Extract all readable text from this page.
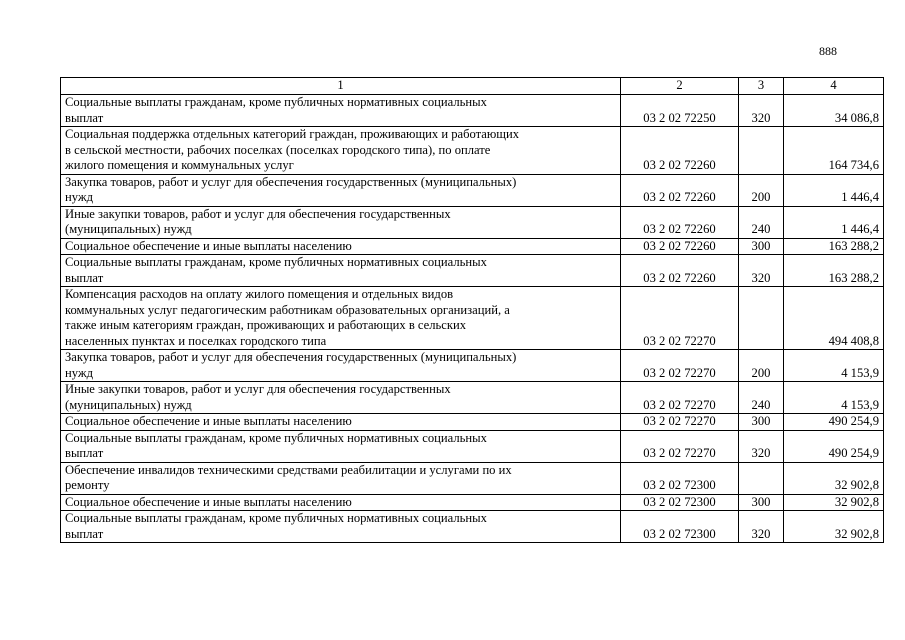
888
1	2	3	4

Социальные выплаты гражданам, кроме публичных нормативных социальных
выплат	03 2 02 72250	320	34 086,8

Социальная поддержка отдельных категорий граждан, проживающих и работающих
в сельской местности, рабочих поселках (поселках городского типа), по оплате
жилого помещения и коммунальных услуг	03 2 02 72260		164 734,6

Закупка товаров, работ и услуг для обеспечения государственных (муниципальных)
нужд	03 2 02 72260	200	1 446,4

Иные закупки товаров, работ и услуг для обеспечения государственных
(муниципальных) нужд	03 2 02 72260	240	1 446,4

Социальное обеспечение и иные выплаты населению	03 2 02 72260	300	163 288,2

Социальные выплаты гражданам, кроме публичных нормативных социальных
выплат	03 2 02 72260	320	163 288,2

Компенсация расходов на оплату жилого помещения и отдельных видов
коммунальных услуг педагогическим работникам образовательных организаций, а
также иным категориям граждан, проживающих и работающих в сельских
населенных пунктах и поселках городского типа	03 2 02 72270		494 408,8

Закупка товаров, работ и услуг для обеспечения государственных (муниципальных)
нужд	03 2 02 72270	200	4 153,9

Иные закупки товаров, работ и услуг для обеспечения государственных
(муниципальных) нужд	03 2 02 72270	240	4 153,9

Социальное обеспечение и иные выплаты населению	03 2 02 72270	300	490 254,9

Социальные выплаты гражданам, кроме публичных нормативных социальных
выплат	03 2 02 72270	320	490 254,9

Обеспечение инвалидов техническими средствами реабилитации и услугами по их
ремонту	03 2 02 72300		32 902,8

Социальное обеспечение и иные выплаты населению	03 2 02 72300	300	32 902,8

Социальные выплаты гражданам, кроме публичных нормативных социальных
выплат	03 2 02 72300	320	32 902,8
